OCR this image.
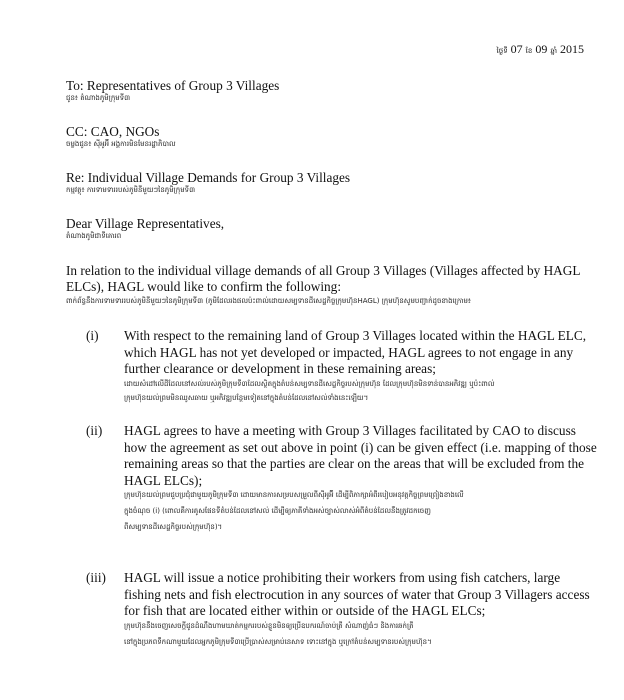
ថ្ងៃទី 07 ខែ 09 ឆ្នាំ 2015
To: Representatives of Group 3 Villages
ជូន៖ តំណាងភូមិក្រុមទី៣
CC: CAO, NGOs
ចម្លងជូន៖ ស៊ីអូអ៊ី អង្គការមិនមែនរដ្ឋាភិបាល
Re: Individual Village Demands for Group 3 Villages
កម្មវត្ថុ៖ ការទាមទាររបស់ភូមិនីមួយៗនៃភូមិក្រុមទី៣
Dear Village Representatives,
តំណាងភូមិជាទីគោរព
In relation to the individual village demands of all Group 3 Villages (Villages affected by HAGL ELCs), HAGL would like to confirm the following:
ពាក់ព័ន្ធនឹងការទាមទាររបស់ភូមិនីមួយៗនៃភូមិក្រុមទី៣ (ភូមិដែលរងផលប៉ះពាល់ដោយសម្បទានដីសេដ្ឋកិច្ចក្រុមហ៊ុនHAGL) ក្រុមហ៊ុនសូមបញ្ជាក់ដូចខាងក្រោម៖
(i) With respect to the remaining land of Group 3 Villages located within the HAGL ELC, which HAGL has not yet developed or impacted, HAGL agrees to not engage in any further clearance or development in these remaining areas;
ដោយសំដៅលើដីដែលនៅសល់របស់ភូមិក្រុមទី៣ដែលស្ថិតក្នុងតំបន់សម្បទានដីសេដ្ឋកិច្ចរបស់ក្រុមហ៊ុន ដែលក្រុមហ៊ុនមិនទាន់បានអភិវឌ្ឍ ឬប៉ះពាល់
ក្រុមហ៊ុនយល់ព្រមមិនឈូសឆាយ ឬអភិវឌ្ឍបន្ថែមទៀតនៅក្នុងតំបន់ដែលនៅសល់ទាំងនេះឡើយ។
(ii) HAGL agrees to have a meeting with Group 3 Villages facilitated by CAO to discuss how the agreement as set out above in point (i) can be given effect (i.e. mapping of those remaining areas so that the parties are clear on the areas that will be excluded from the HAGL ELCs);
ក្រុមហ៊ុនយល់ព្រមជួបប្រជុំជាមួយភូមិក្រុមទី៣ ដោយមានការសម្របសម្រួលពីស៊ីអូអ៊ី ដើម្បីពិភាក្សាអំពីរបៀបអនុវត្តកិច្ចព្រមព្រៀងខាងលើ
ក្នុងចំណុច (i) (ពោលគឺការគូសផែនទីតំបន់ដែលនៅសល់ ដើម្បីឲ្យភាគីទាំងអស់ច្បាស់លាស់អំពីតំបន់ដែលនឹងត្រូវដកចេញ
ពីសម្បទានដីសេដ្ឋកិច្ចរបស់ក្រុមហ៊ុន)។
(iii) HAGL will issue a notice prohibiting their workers from using fish catchers, large fishing nets and fish electrocution in any sources of water that Group 3 Villagers access for fish that are located either within or outside of the HAGL ELCs;
ក្រុមហ៊ុននឹងចេញសេចក្តីជូនដំណឹងហាមឃាត់កម្មកររបស់ខ្លួនមិនឲ្យប្រើឧបករណ៍ចាប់ត្រី សំណាញ់ធំៗ និងការឆក់ត្រី
នៅក្នុងប្រភពទឹកណាមួយដែលអ្នកភូមិក្រុមទី៣ប្រើប្រាស់សម្រាប់នេសាទ ទោះនៅក្នុង ឬក្រៅតំបន់សម្បទានរបស់ក្រុមហ៊ុន។
